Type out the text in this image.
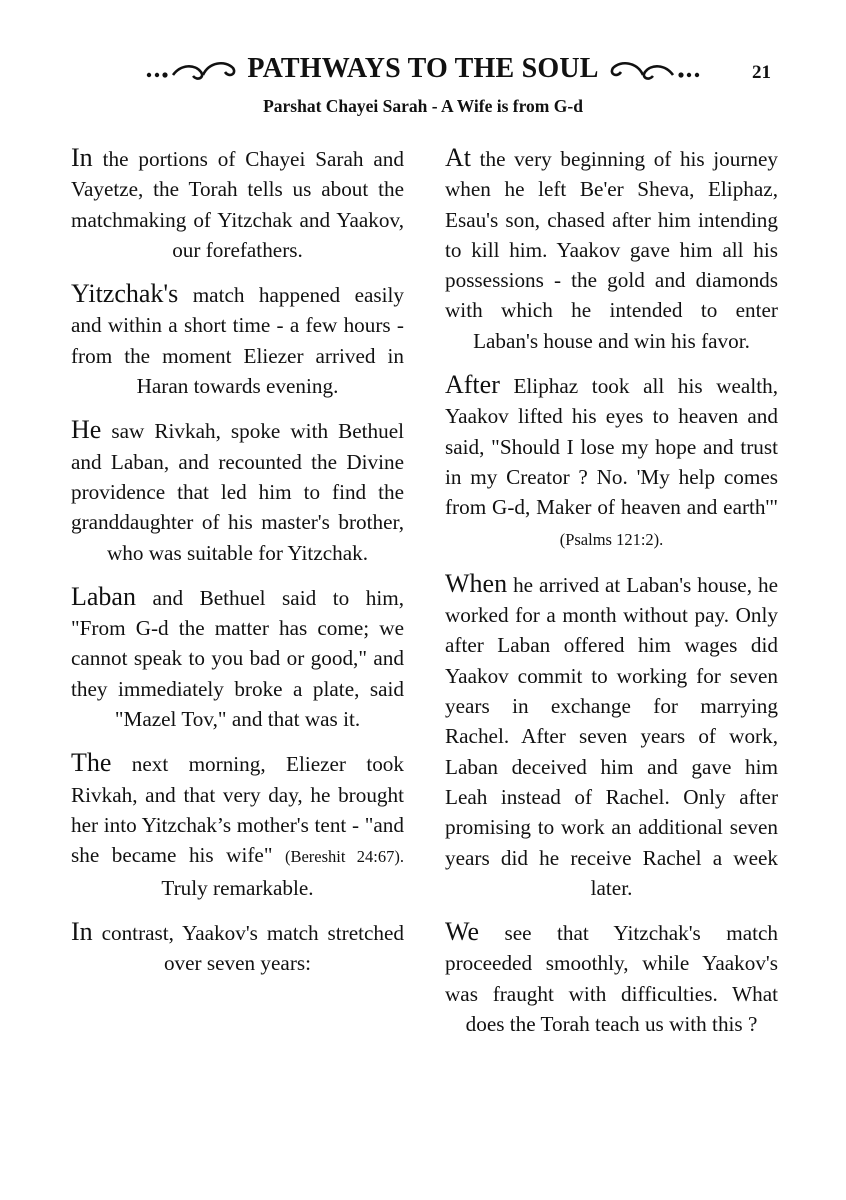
PATHWAYS TO THE SOUL	21
Parshat Chayei Sarah - A Wife is from G-d

In the portions of Chayei Sarah and Vayetze, the Torah tells us about the matchmaking of Yitzchak and Yaakov, our forefathers.

Yitzchak's match happened easily and within a short time - a few hours - from the moment Eliezer arrived in Haran towards evening.

He saw Rivkah, spoke with Bethuel and Laban, and recounted the Divine providence that led him to find the granddaughter of his master's brother, who was suitable for Yitzchak.

Laban and Bethuel said to him, "From G-d the matter has come; we cannot speak to you bad or good," and they immediately broke a plate, said "Mazel Tov," and that was it.

The next morning, Eliezer took Rivkah, and that very day, he brought her into Yitzchak’s mother's tent - "and she became his wife" (Bereshit 24:67). Truly remarkable.

In contrast, Yaakov's match stretched over seven years:

At the very beginning of his journey when he left Be'er Sheva, Eliphaz, Esau's son, chased after him intending to kill him. Yaakov gave him all his possessions - the gold and diamonds with which he intended to enter Laban's house and win his favor.

After Eliphaz took all his wealth, Yaakov lifted his eyes to heaven and said, "Should I lose my hope and trust in my Creator ? No. 'My help comes from G-d, Maker of heaven and earth'" (Psalms 121:2).

When he arrived at Laban's house, he worked for a month without pay. Only after Laban offered him wages did Yaakov commit to working for seven years in exchange for marrying Rachel. After seven years of work, Laban deceived him and gave him Leah instead of Rachel. Only after promising to work an additional seven years did he receive Rachel a week later.

We see that Yitzchak's match proceeded smoothly, while Yaakov's was fraught with difficulties. What does the Torah teach us with this ?
